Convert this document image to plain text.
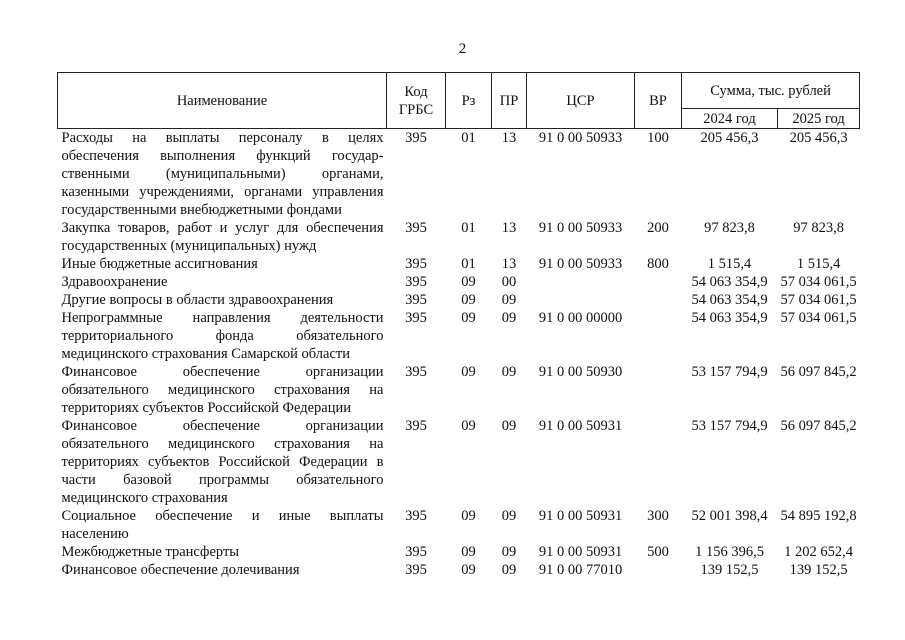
2
Наименование	Код ГРБС	Рз	ПР	ЦСР	ВР	Сумма, тыс. рублей	
						2024 год	2025 год
Расходы на выплаты персоналу в целях обеспечения выполнения функций государ-ственными (муниципальными) органами, казенными учреждениями, органами управления государственными внебюджетными фондами	395	01	13	91 0 00 50933	100	205 456,3	205 456,3
Закупка товаров, работ и услуг для обеспечения государственных (муниципальных) нужд	395	01	13	91 0 00 50933	200	97 823,8	97 823,8
Иные бюджетные ассигнования	395	01	13	91 0 00 50933	800	1 515,4	1 515,4
Здравоохранение	395	09	00			54 063 354,9	57 034 061,5
Другие вопросы в области здравоохранения	395	09	09			54 063 354,9	57 034 061,5
Непрограммные направления деятельности территориального фонда обязательного медицинского страхования Самарской области	395	09	09	91 0 00 00000		54 063 354,9	57 034 061,5
Финансовое обеспечение организации обязательного медицинского страхования на территориях субъектов Российской Федерации	395	09	09	91 0 00 50930		53 157 794,9	56 097 845,2
Финансовое обеспечение организации обязательного медицинского страхования на территориях субъектов Российской Федерации в части базовой программы обязательного медицинского страхования	395	09	09	91 0 00 50931		53 157 794,9	56 097 845,2
Социальное обеспечение и иные выплаты населению	395	09	09	91 0 00 50931	300	52 001 398,4	54 895 192,8
Межбюджетные трансферты	395	09	09	91 0 00 50931	500	1 156 396,5	1 202 652,4
Финансовое обеспечение долечивания	395	09	09	91 0 00 77010		139 152,5	139 152,5
